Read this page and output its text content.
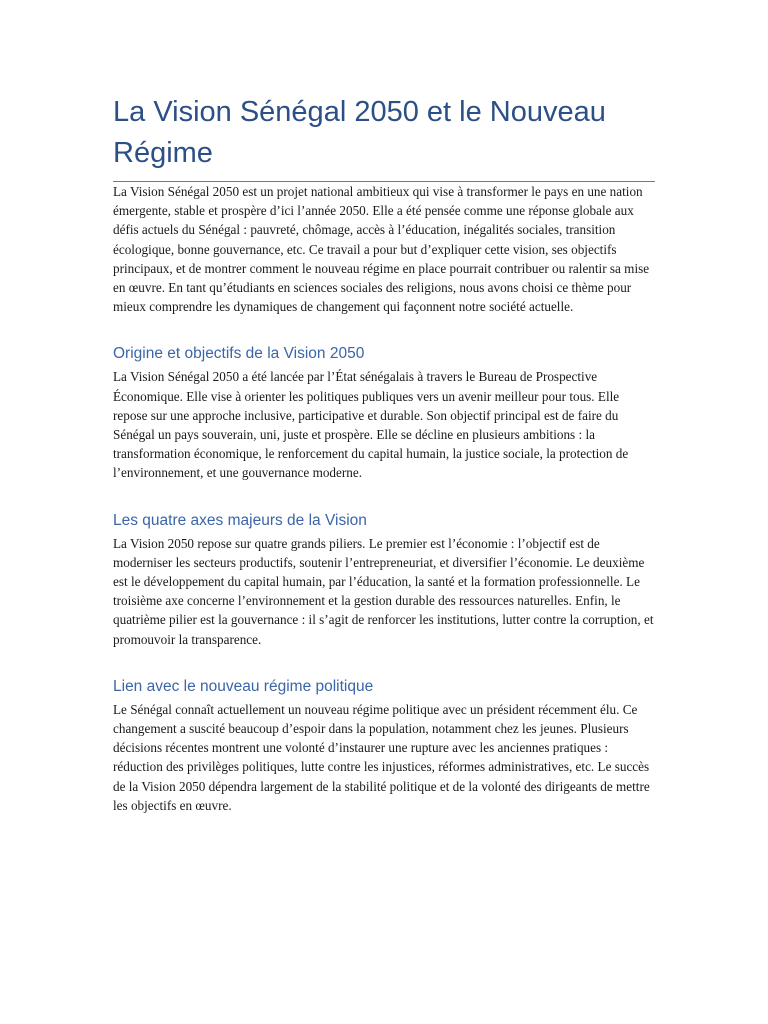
La Vision Sénégal 2050 et le Nouveau Régime

La Vision Sénégal 2050 est un projet national ambitieux qui vise à transformer le pays en une nation émergente, stable et prospère d’ici l’année 2050. Elle a été pensée comme une réponse globale aux défis actuels du Sénégal : pauvreté, chômage, accès à l’éducation, inégalités sociales, transition écologique, bonne gouvernance, etc. Ce travail a pour but d’expliquer cette vision, ses objectifs principaux, et de montrer comment le nouveau régime en place pourrait contribuer ou ralentir sa mise en œuvre. En tant qu’étudiants en sciences sociales des religions, nous avons choisi ce thème pour mieux comprendre les dynamiques de changement qui façonnent notre société actuelle.

Origine et objectifs de la Vision 2050

La Vision Sénégal 2050 a été lancée par l’État sénégalais à travers le Bureau de Prospective Économique. Elle vise à orienter les politiques publiques vers un avenir meilleur pour tous. Elle repose sur une approche inclusive, participative et durable. Son objectif principal est de faire du Sénégal un pays souverain, uni, juste et prospère. Elle se décline en plusieurs ambitions : la transformation économique, le renforcement du capital humain, la justice sociale, la protection de l’environnement, et une gouvernance moderne.

Les quatre axes majeurs de la Vision

La Vision 2050 repose sur quatre grands piliers. Le premier est l’économie : l’objectif est de moderniser les secteurs productifs, soutenir l’entrepreneuriat, et diversifier l’économie. Le deuxième est le développement du capital humain, par l’éducation, la santé et la formation professionnelle. Le troisième axe concerne l’environnement et la gestion durable des ressources naturelles. Enfin, le quatrième pilier est la gouvernance : il s’agit de renforcer les institutions, lutter contre la corruption, et promouvoir la transparence.

Lien avec le nouveau régime politique

Le Sénégal connaît actuellement un nouveau régime politique avec un président récemment élu. Ce changement a suscité beaucoup d’espoir dans la population, notamment chez les jeunes. Plusieurs décisions récentes montrent une volonté d’instaurer une rupture avec les anciennes pratiques : réduction des privilèges politiques, lutte contre les injustices, réformes administratives, etc. Le succès de la Vision 2050 dépendra largement de la stabilité politique et de la volonté des dirigeants de mettre les objectifs en œuvre.
